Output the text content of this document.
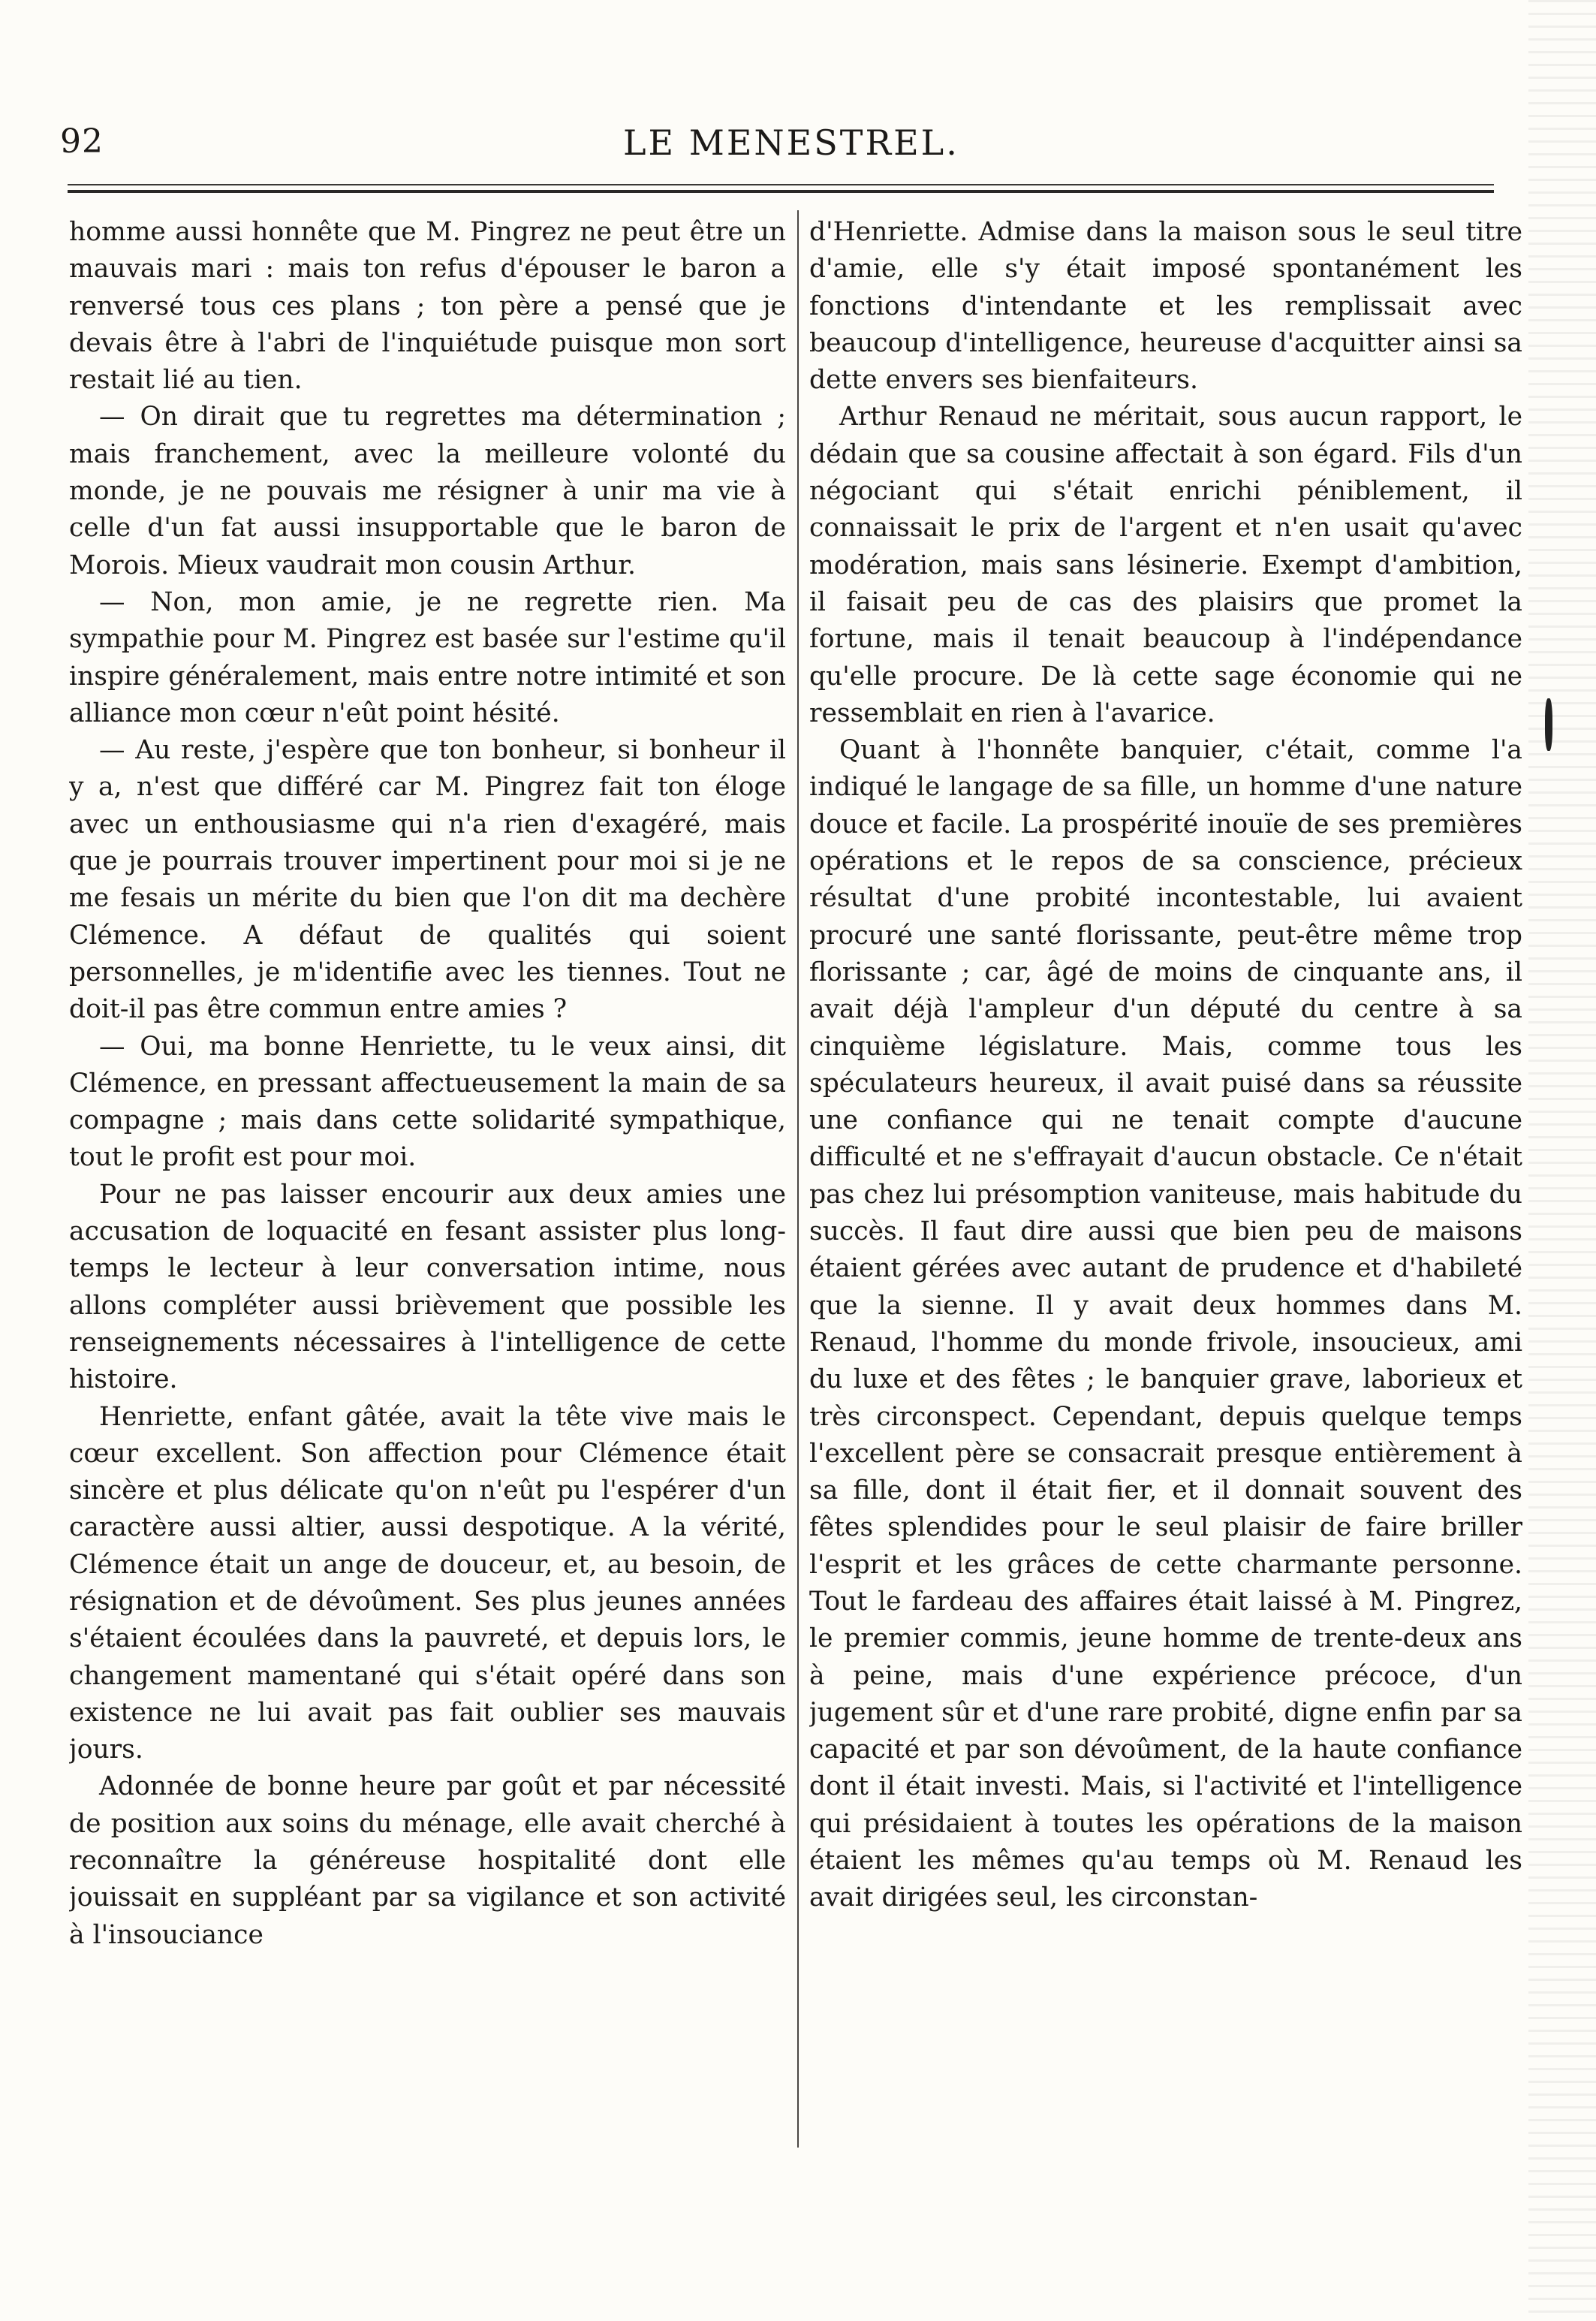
92	LE MENESTREL.

homme aussi honnête que M. Pingrez ne peut être un mauvais mari : mais ton refus d'épouser le baron a renversé tous ces plans ; ton père a pensé que je devais être à l'abri de l'inquiétude puisque mon sort restait lié au tien.

— On dirait que tu regrettes ma détermination ; mais franchement, avec la meilleure volonté du monde, je ne pouvais me résigner à unir ma vie à celle d'un fat aussi insupportable que le baron de Morois. Mieux vaudrait mon cousin Arthur.

— Non, mon amie, je ne regrette rien. Ma sympathie pour M. Pingrez est basée sur l'estime qu'il inspire généralement, mais entre notre intimité et son alliance mon cœur n'eût point hésité.

— Au reste, j'espère que ton bonheur, si bonheur il y a, n'est que différé car M. Pingrez fait ton éloge avec un enthousiasme qui n'a rien d'exagéré, mais que je pourrais trouver impertinent pour moi si je ne me fesais un mérite du bien que l'on dit ma dechère Clémence. A défaut de qualités qui soient personnelles, je m'identifie avec les tiennes. Tout ne doit-il pas être commun entre amies ?

— Oui, ma bonne Henriette, tu le veux ainsi, dit Clémence, en pressant affectueusement la main de sa compagne ; mais dans cette solidarité sympathique, tout le profit est pour moi.

Pour ne pas laisser encourir aux deux amies une accusation de loquacité en fesant assister plus long-temps le lecteur à leur conversation intime, nous allons compléter aussi brièvement que possible les renseignements nécessaires à l'intelligence de cette histoire.

Henriette, enfant gâtée, avait la tête vive mais le cœur excellent. Son affection pour Clémence était sincère et plus délicate qu'on n'eût pu l'espérer d'un caractère aussi altier, aussi despotique. A la vérité, Clémence était un ange de douceur, et, au besoin, de résignation et de dévoûment. Ses plus jeunes années s'étaient écoulées dans la pauvreté, et depuis lors, le changement mamentané qui s'était opéré dans son existence ne lui avait pas fait oublier ses mauvais jours.

Adonnée de bonne heure par goût et par nécessité de position aux soins du ménage, elle avait cherché à reconnaître la généreuse hospitalité dont elle jouissait en suppléant par sa vigilance et son activité à l'insouciance

d'Henriette. Admise dans la maison sous le seul titre d'amie, elle s'y était imposé spontanément les fonctions d'intendante et les remplissait avec beaucoup d'intelligence, heureuse d'acquitter ainsi sa dette envers ses bienfaiteurs.

Arthur Renaud ne méritait, sous aucun rapport, le dédain que sa cousine affectait à son égard. Fils d'un négociant qui s'était enrichi péniblement, il connaissait le prix de l'argent et n'en usait qu'avec modération, mais sans lésinerie. Exempt d'ambition, il faisait peu de cas des plaisirs que promet la fortune, mais il tenait beaucoup à l'indépendance qu'elle procure. De là cette sage économie qui ne ressemblait en rien à l'avarice.

Quant à l'honnête banquier, c'était, comme l'a indiqué le langage de sa fille, un homme d'une nature douce et facile. La prospérité inouïe de ses premières opérations et le repos de sa conscience, précieux résultat d'une probité incontestable, lui avaient procuré une santé florissante, peut-être même trop florissante ; car, âgé de moins de cinquante ans, il avait déjà l'ampleur d'un député du centre à sa cinquième législature. Mais, comme tous les spéculateurs heureux, il avait puisé dans sa réussite une confiance qui ne tenait compte d'aucune difficulté et ne s'effrayait d'aucun obstacle. Ce n'était pas chez lui présomption vaniteuse, mais habitude du succès. Il faut dire aussi que bien peu de maisons étaient gérées avec autant de prudence et d'habileté que la sienne. Il y avait deux hommes dans M. Renaud, l'homme du monde frivole, insoucieux, ami du luxe et des fêtes ; le banquier grave, laborieux et très circonspect. Cependant, depuis quelque temps l'excellent père se consacrait presque entièrement à sa fille, dont il était fier, et il donnait souvent des fêtes splendides pour le seul plaisir de faire briller l'esprit et les grâces de cette charmante personne. Tout le fardeau des affaires était laissé à M. Pingrez, le premier commis, jeune homme de trente-deux ans à peine, mais d'une expérience précoce, d'un jugement sûr et d'une rare probité, digne enfin par sa capacité et par son dévoûment, de la haute confiance dont il était investi. Mais, si l'activité et l'intelligence qui présidaient à toutes les opérations de la maison étaient les mêmes qu'au temps où M. Renaud les avait dirigées seul, les circonstan-
